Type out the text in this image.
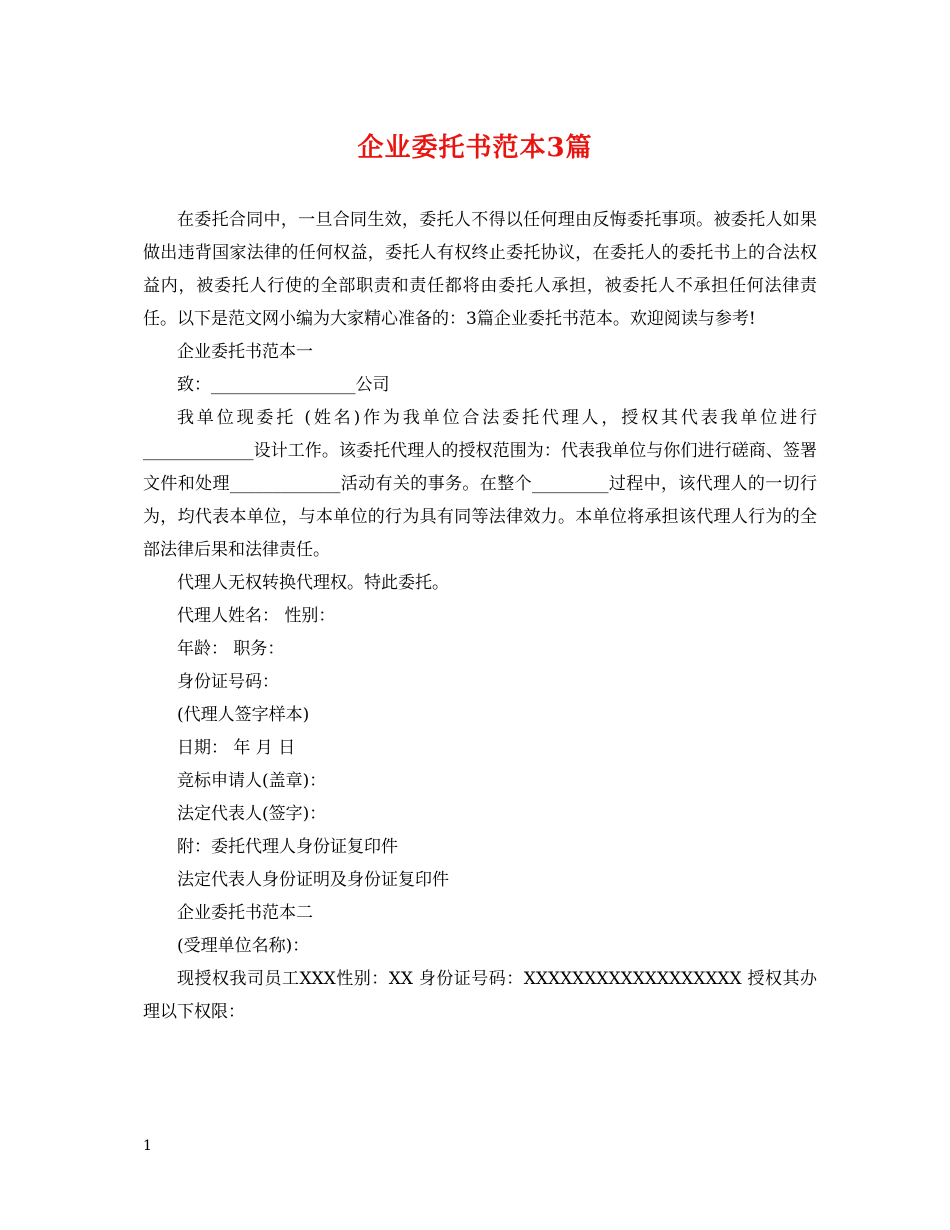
企业委托书范本3篇

在委托合同中，一旦合同生效，委托人不得以任何理由反悔委托事项。被委托人如果做出违背国家法律的任何权益，委托人有权终止委托协议，在委托人的委托书上的合法权益内，被委托人行使的全部职责和责任都将由委托人承担，被委托人不承担任何法律责任。以下是范文网小编为大家精心准备的：3篇企业委托书范本。欢迎阅读与参考!

企业委托书范本一

致：_________________公司

我单位现委托 (姓名)作为我单位合法委托代理人，授权其代表我单位进行_____________设计工作。该委托代理人的授权范围为：代表我单位与你们进行磋商、签署文件和处理_____________活动有关的事务。在整个_________过程中，该代理人的一切行为，均代表本单位，与本单位的行为具有同等法律效力。本单位将承担该代理人行为的全部法律后果和法律责任。

代理人无权转换代理权。特此委托。

代理人姓名： 性别：

年龄： 职务：

身份证号码：

(代理人签字样本)

日期： 年 月 日

竞标申请人(盖章)：

法定代表人(签字)：

附：委托代理人身份证复印件

法定代表人身份证明及身份证复印件

企业委托书范本二

(受理单位名称)：

现授权我司员工XXX性别：XX 身份证号码：XXXXXXXXXXXXXXXXXX 授权其办理以下权限：

1
